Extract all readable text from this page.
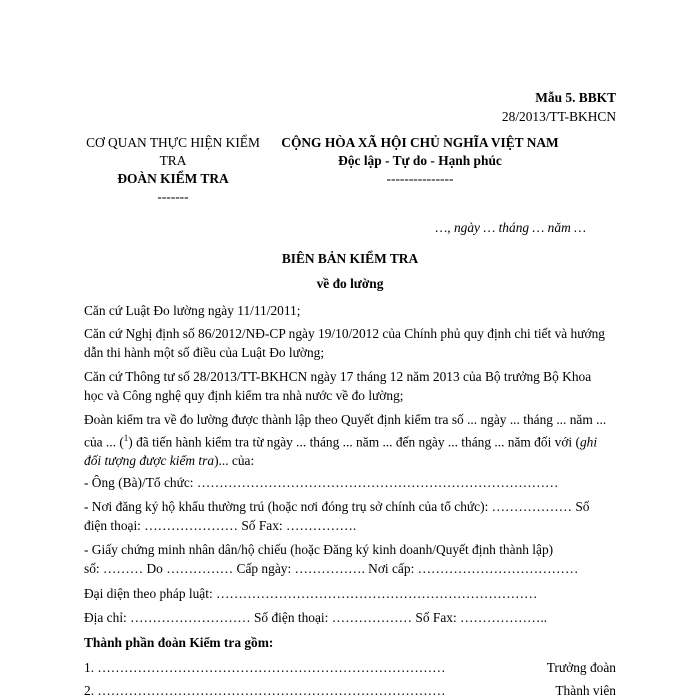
Mẫu 5. BBKT
28/2013/TT-BKHCN
CƠ QUAN THỰC HIỆN KIỂM
TRA
ĐOÀN KIỂM TRA
-------
CỘNG HÒA XÃ HỘI CHỦ NGHĨA VIỆT NAM
Độc lập - Tự do - Hạnh phúc
---------------
…, ngày … tháng … năm …
BIÊN BẢN KIỂM TRA
về đo lường
Căn cứ Luật Đo lường ngày 11/11/2011;
Căn cứ Nghị định số 86/2012/NĐ-CP ngày 19/10/2012 của Chính phủ quy định chi tiết và hướng
dẫn thi hành một số điều của Luật Đo lường;
Căn cứ Thông tư số 28/2013/TT-BKHCN ngày 17 tháng 12 năm 2013 của Bộ trưởng Bộ Khoa
học và Công nghệ quy định kiểm tra nhà nước về đo lường;
Đoàn kiểm tra về đo lường được thành lập theo Quyết định kiểm tra số ... ngày ... tháng ... năm ...
của ... ($^1$) đã tiến hành kiểm tra từ ngày ... tháng ... năm ... đến ngày ... tháng ... năm đối với (ghi
đối tượng được kiểm tra)... của:
- Ông (Bà)/Tổ chức: ………………………………………………………………………
- Nơi đăng ký hộ khẩu thường trú (hoặc nơi đóng trụ sở chính của tổ chức): ……………… Số
điện thoại: ………………… Số Fax: …………….
- Giấy chứng minh nhân dân/hộ chiếu (hoặc Đăng ký kinh doanh/Quyết định thành lập)
số: ……… Do …………… Cấp ngày: ……………. Nơi cấp: ………………………………
Đại diện theo pháp luật: ………………………………………………………………
Địa chỉ: ……………………… Số điện thoại: ……………… Số Fax: ………………..
Thành phần đoàn Kiểm tra gồm:
1. ……………………………………………………………………	Trưởng đoàn
2. ……………………………………………………………………	Thành viên
